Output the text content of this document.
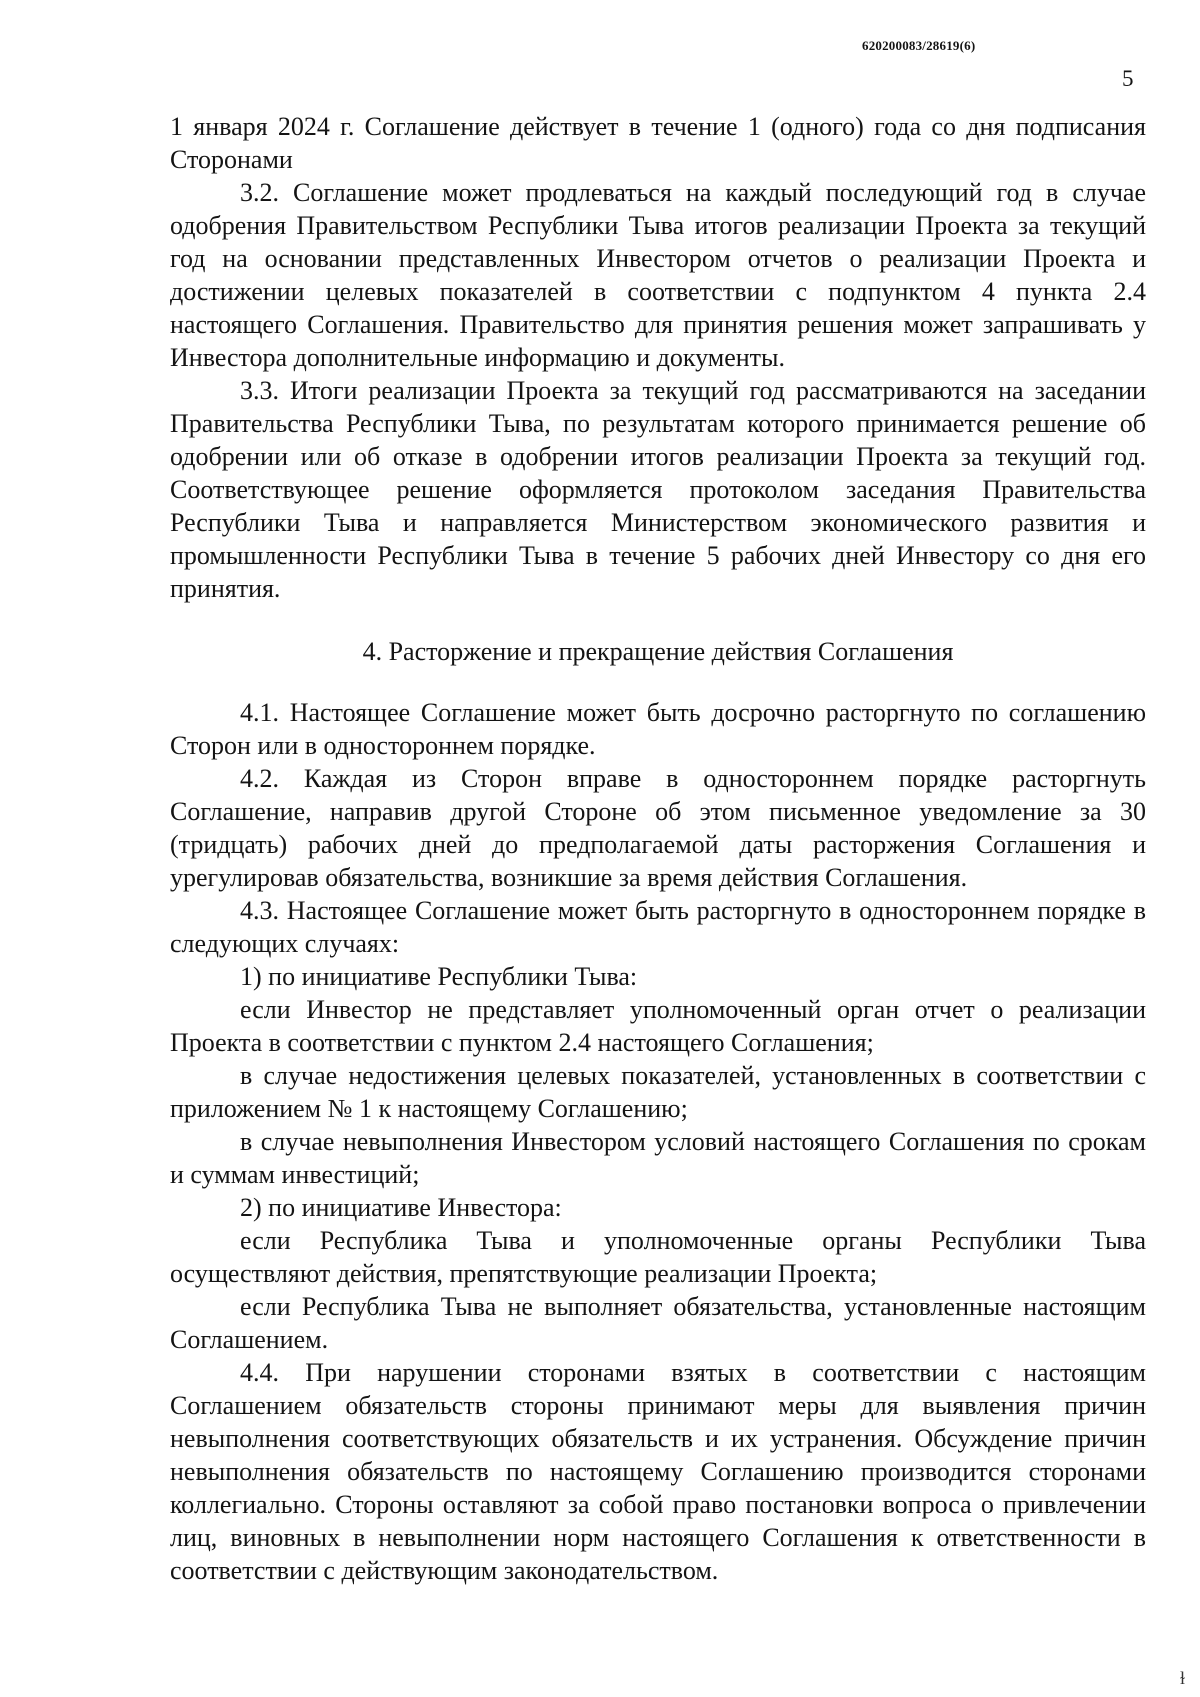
620200083/28619(6)
5

1 января 2024 г. Соглашение действует в течение 1 (одного) года со дня подписания Сторонами

3.2. Соглашение может продлеваться на каждый последующий год в случае одобрения Правительством Республики Тыва итогов реализации Проекта за текущий год на основании представленных Инвестором отчетов о реализации Проекта и достижении целевых показателей в соответствии с подпунктом 4 пункта 2.4 настоящего Соглашения. Правительство для принятия решения может запрашивать у Инвестора дополнительные информацию и документы.

3.3. Итоги реализации Проекта за текущий год рассматриваются на заседании Правительства Республики Тыва, по результатам которого принимается решение об одобрении или об отказе в одобрении итогов реализации Проекта за текущий год. Соответствующее решение оформляется протоколом заседания Правительства Республики Тыва и направляется Министерством экономического развития и промышленности Республики Тыва в течение 5 рабочих дней Инвестору со дня его принятия.

4. Расторжение и прекращение действия Соглашения

4.1. Настоящее Соглашение может быть досрочно расторгнуто по соглашению Сторон или в одностороннем порядке.

4.2. Каждая из Сторон вправе в одностороннем порядке расторгнуть Соглашение, направив другой Стороне об этом письменное уведомление за 30 (тридцать) рабочих дней до предполагаемой даты расторжения Соглашения и урегулировав обязательства, возникшие за время действия Соглашения.

4.3. Настоящее Соглашение может быть расторгнуто в одностороннем порядке в следующих случаях:

1) по инициативе Республики Тыва:

если Инвестор не представляет уполномоченный орган отчет о реализации Проекта в соответствии с пунктом 2.4 настоящего Соглашения;

в случае недостижения целевых показателей, установленных в соответствии с приложением № 1 к настоящему Соглашению;

в случае невыполнения Инвестором условий настоящего Соглашения по срокам и суммам инвестиций;

2) по инициативе Инвестора:

если Республика Тыва и уполномоченные органы Республики Тыва осуществляют действия, препятствующие реализации Проекта;

если Республика Тыва не выполняет обязательства, установленные настоящим Соглашением.

4.4. При нарушении сторонами взятых в соответствии с настоящим Соглашением обязательств стороны принимают меры для выявления причин невыполнения соответствующих обязательств и их устранения. Обсуждение причин невыполнения обязательств по настоящему Соглашению производится сторонами коллегиально. Стороны оставляют за собой право постановки вопроса о привлечении лиц, виновных в невыполнении норм настоящего Соглашения к ответственности в соответствии с действующим законодательством.

ɫ
